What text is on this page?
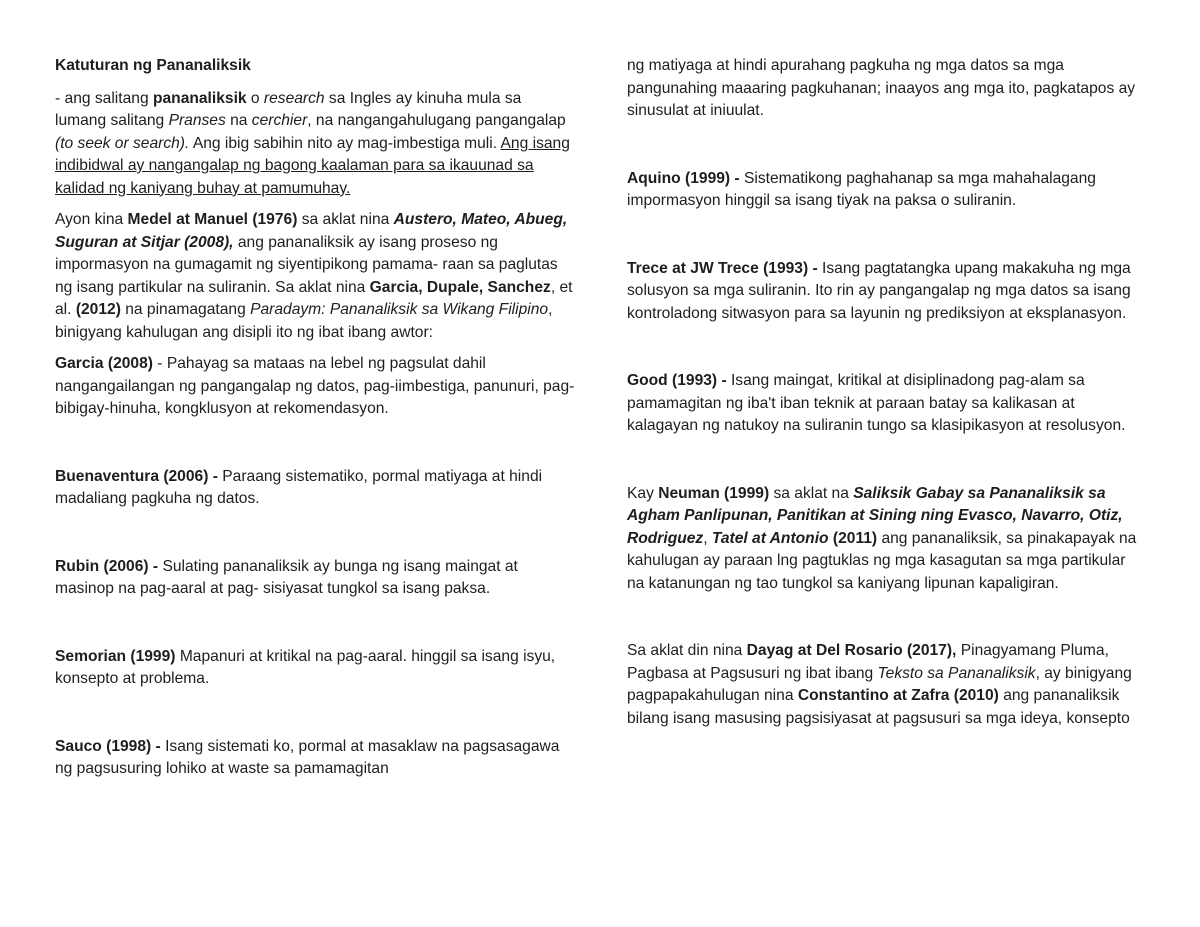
Katuturan ng Pananaliksik

- ang salitang pananaliksik o research sa Ingles ay kinuha mula sa lumang salitang Pranses na cerchier, na nangangahulugang pangangalap (to seek or search). Ang ibig sabihin nito ay mag-imbestiga muli. Ang isang indibidwal ay nangangalap ng bagong kaalaman para sa ikauunad sa kalidad ng kaniyang buhay at pamumuhay.

Ayon kina Medel at Manuel (1976) sa aklat nina Austero, Mateo, Abueg, Suguran at Sitjar (2008), ang pananaliksik ay isang proseso ng impormasyon na gumagamit ng siyentipikong pamama- raan sa paglutas ng isang partikular na suliranin. Sa aklat nina Garcia, Dupale, Sanchez, et al. (2012) na pinamagatang Paradaym: Pananaliksik sa Wikang Filipino, binigyang kahulugan ang disipli ito ng ibat ibang awtor:

Garcia (2008) - Pahayag sa mataas na lebel ng pagsulat dahil nangangailangan ng pangangalap ng datos, pag-iimbestiga, panunuri, pag-bibigay-hinuha, kongklusyon at rekomendasyon.

Buenaventura (2006) - Paraang sistematiko, pormal matiyaga at hindi madaliang pagkuha ng datos.

Rubin (2006) - Sulating pananaliksik ay bunga ng isang maingat at masinop na pag-aaral at pag- sisiyasat tungkol sa isang paksa.

Semorian (1999) Mapanuri at kritikal na pag-aaral. hinggil sa isang isyu, konsepto at problema.

Sauco (1998) - Isang sistemati ko, pormal at masaklaw na pagsasagawa ng pagsusuring lohiko at waste sa pamamagitan

ng matiyaga at hindi apurahang pagkuha ng mga datos sa mga pangunahing maaaring pagkuhanan; inaayos ang mga ito, pagkatapos ay sinusulat at iniuulat.

Aquino (1999) - Sistematikong paghahanap sa mga mahahalagang impormasyon hinggil sa isang tiyak na paksa o suliranin.

Trece at JW Trece (1993) - Isang pagtatangka upang makakuha ng mga solusyon sa mga suliranin. Ito rin ay pangangalap ng mga datos sa isang kontroladong sitwasyon para sa layunin ng prediksiyon at eksplanasyon.

Good (1993) - Isang maingat, kritikal at disiplinadong pag-alam sa pamamagitan ng iba't iban teknik at paraan batay sa kalikasan at kalagayan ng natukoy na suliranin tungo sa klasipikasyon at resolusyon.

Kay Neuman (1999) sa aklat na Saliksik Gabay sa Pananaliksik sa Agham Panlipunan, Panitikan at Sining ning Evasco, Navarro, Otiz, Rodriguez, Tatel at Antonio (2011) ang pananaliksik, sa pinakapayak na kahulugan ay paraan lng pagtuklas ng mga kasagutan sa mga partikular na katanungan ng tao tungkol sa kaniyang lipunan kapaligiran.

Sa aklat din nina Dayag at Del Rosario (2017), Pinagyamang Pluma, Pagbasa at Pagsusuri ng ibat ibang Teksto sa Pananaliksik, ay binigyang pagpapakahulugan nina Constantino at Zafra (2010) ang pananaliksik bilang isang masusing pagsisiyasat at pagsusuri sa mga ideya, konsepto
